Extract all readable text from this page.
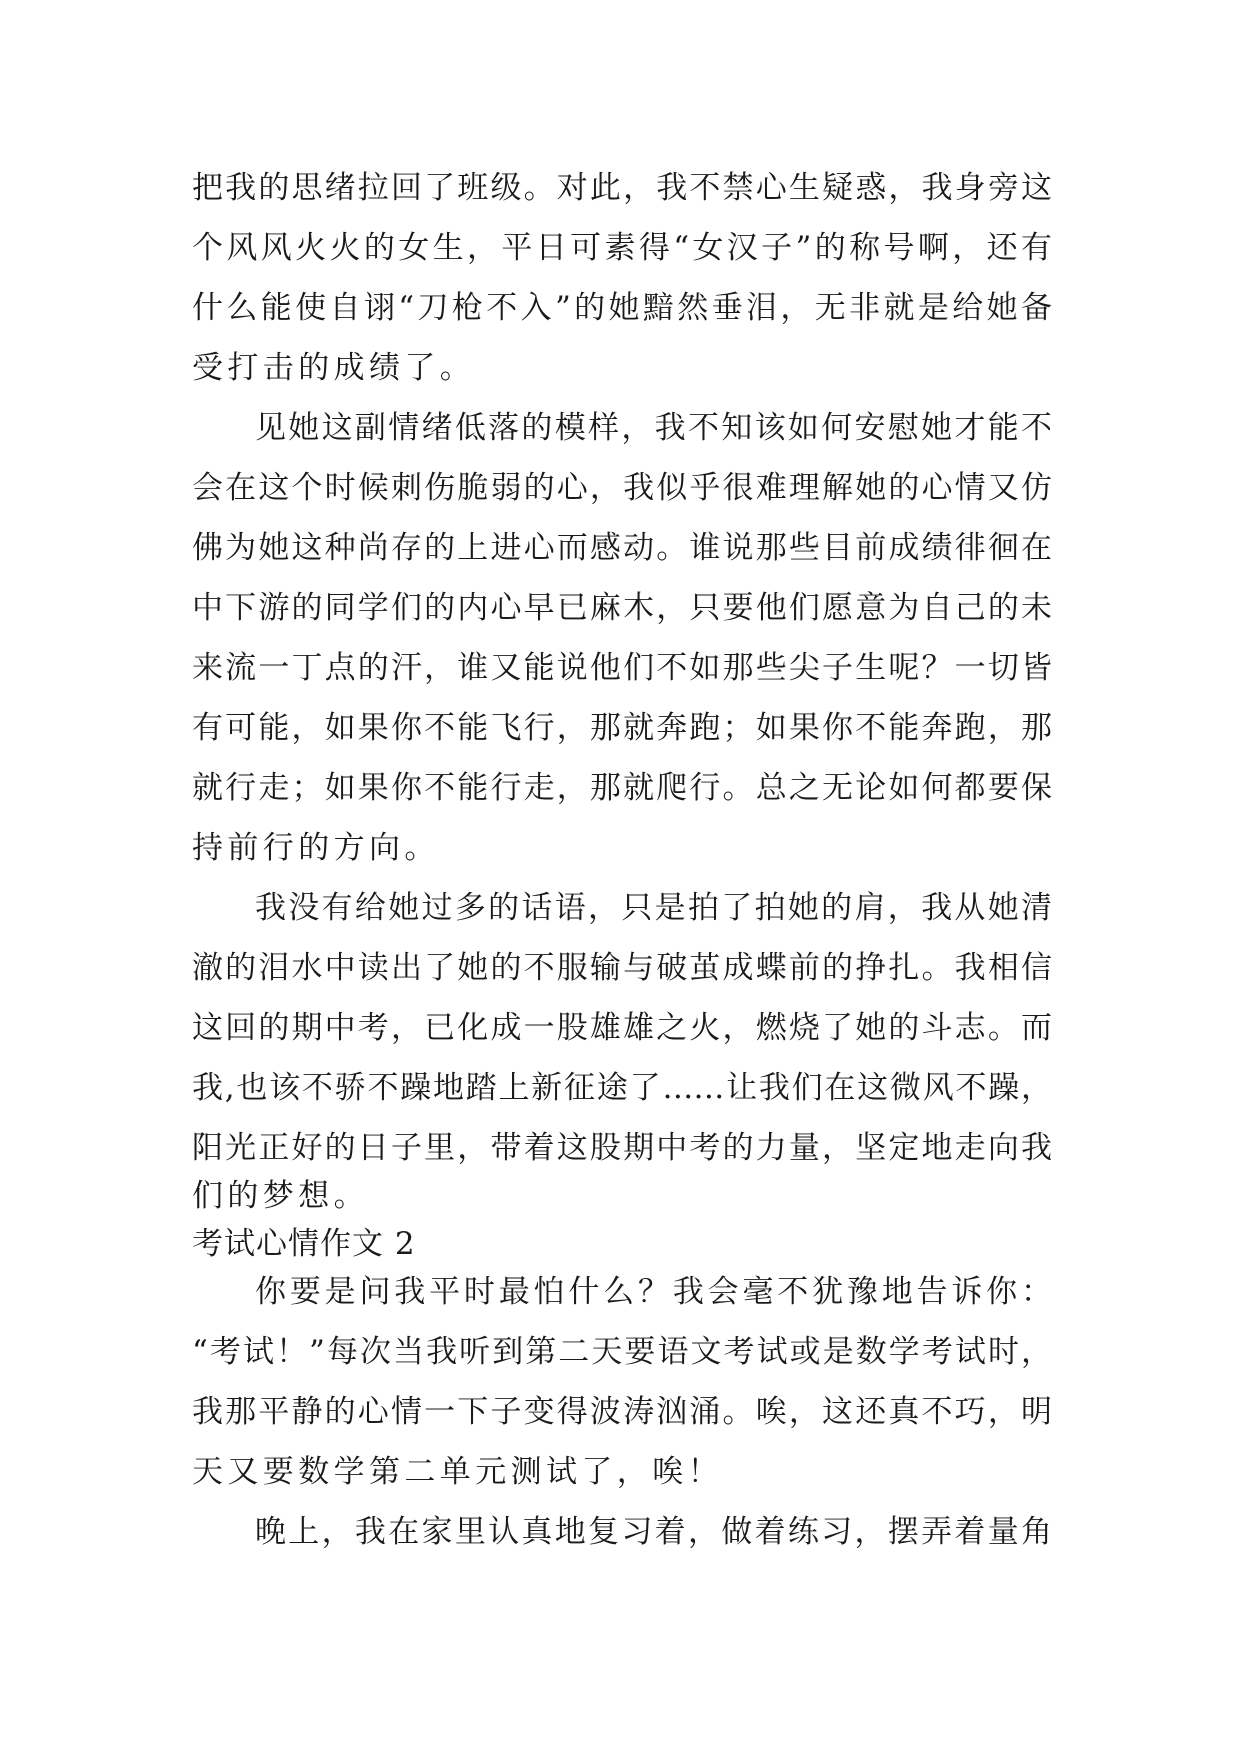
把我的思绪拉回了班级。对此，我不禁心生疑惑，我身旁这
个风风火火的女生，平日可素得“女汉子”的称号啊，还有
什么能使自诩“刀枪不入”的她黯然垂泪，无非就是给她备
受打击的成绩了。
见她这副情绪低落的模样，我不知该如何安慰她才能不
会在这个时候刺伤脆弱的心，我似乎很难理解她的心情又仿
佛为她这种尚存的上进心而感动。谁说那些目前成绩徘徊在
中下游的同学们的内心早已麻木，只要他们愿意为自己的未
来流一丁点的汗，谁又能说他们不如那些尖子生呢？一切皆
有可能，如果你不能飞行，那就奔跑；如果你不能奔跑，那
就行走；如果你不能行走，那就爬行。总之无论如何都要保
持前行的方向。
我没有给她过多的话语，只是拍了拍她的肩，我从她清
澈的泪水中读出了她的不服输与破茧成蝶前的挣扎。我相信
这回的期中考，已化成一股雄雄之火，燃烧了她的斗志。而
我,也该不骄不躁地踏上新征途了……让我们在这微风不躁，
阳光正好的日子里，带着这股期中考的力量，坚定地走向我
们的梦想。
考试心情作文 2
你要是问我平时最怕什么？我会毫不犹豫地告诉你：
“考试！”每次当我听到第二天要语文考试或是数学考试时，
我那平静的心情一下子变得波涛汹涌。唉，这还真不巧，明
天又要数学第二单元测试了，唉！
晚上，我在家里认真地复习着，做着练习，摆弄着量角
